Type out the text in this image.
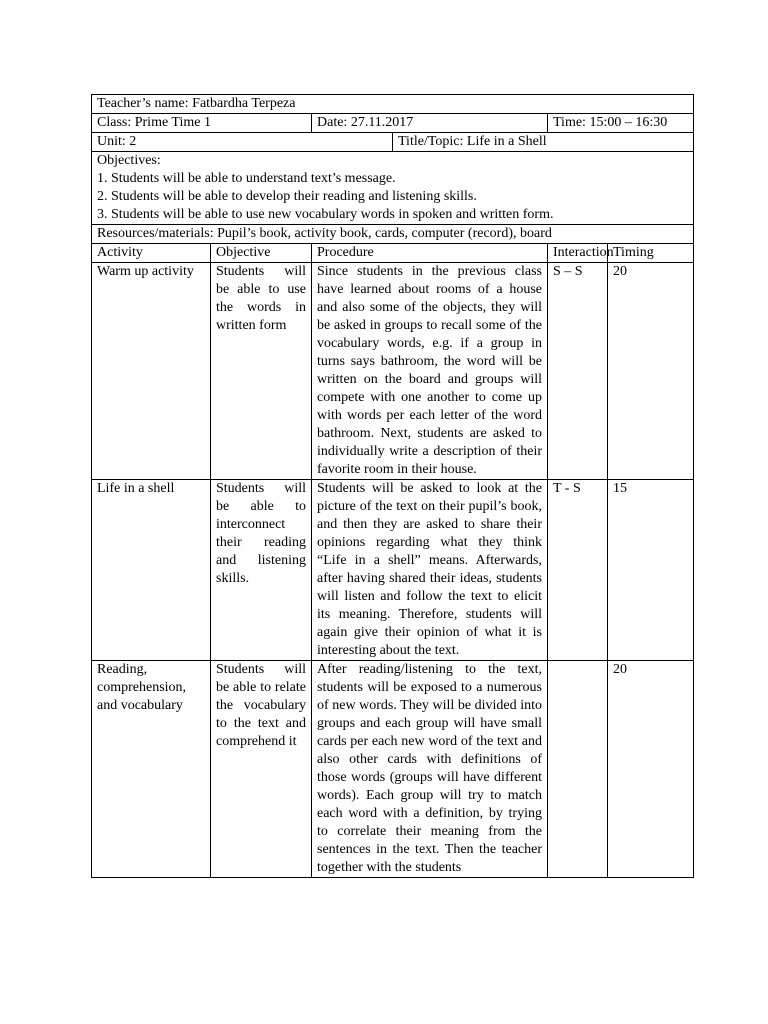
Teacher’s name: Fatbardha Terpeza					
Class: Prime Time 1		Date: 27.11.2017		Time: 15:00 – 16:30	
Unit: 2			Title/Topic: Life in a Shell		

Objectives:
1. Students will be able to understand text’s message.
2. Students will be able to develop their reading and listening skills.
3. Students will be able to use new vocabulary words in spoken and written form.					

Resources/materials: Pupil’s book, activity book, cards, computer (record), board					
Activity	Objective	Procedure		Interaction	Timing
Warm up activity	Students will be able to use the words in written form	Since students in the previous class have learned about rooms of a house and also some of the objects, they will be asked in groups to recall some of the vocabulary words, e.g. if a group in turns says bathroom, the word will be written on the board and groups will compete with one another to come up with words per each letter of the word bathroom. Next, students are asked to individually write a description of their favorite room in their house.		S – S	20
Life in a shell	Students will be able to interconnect their reading and listening skills.	Students will be asked to look at the picture of the text on their pupil’s book, and then they are asked to share their opinions regarding what they think “Life in a shell” means. Afterwards, after having shared their ideas, students will listen and follow the text to elicit its meaning. Therefore, students will again give their opinion of what it is interesting about the text.		T - S	15
Reading, comprehension, and vocabulary	Students will be able to relate the vocabulary to the text and comprehend it	After reading/listening to the text, students will be exposed to a numerous of new words. They will be divided into groups and each group will have small cards per each new word of the text and also other cards with definitions of those words (groups will have different words). Each group will try to match each word with a definition, by trying to correlate their meaning from the sentences in the text. Then the teacher together with the students			20
